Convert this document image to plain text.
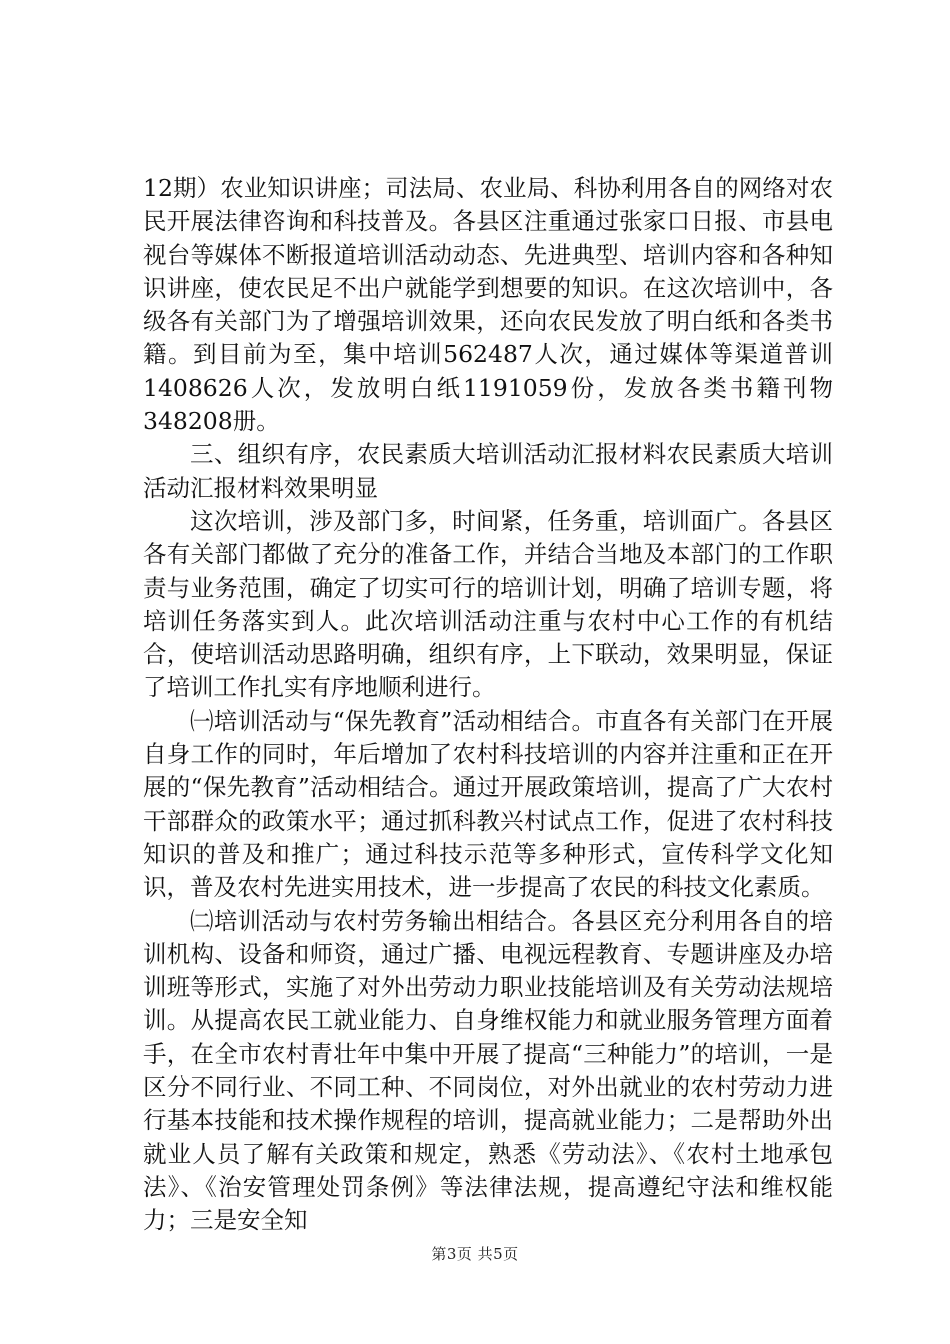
12期）农业知识讲座；司法局、农业局、科协利用各自的网络对农民开展法律咨询和科技普及。各县区注重通过张家口日报、市县电视台等媒体不断报道培训活动动态、先进典型、培训内容和各种知识讲座，使农民足不出户就能学到想要的知识。在这次培训中，各级各有关部门为了增强培训效果，还向农民发放了明白纸和各类书籍。到目前为至，集中培训562487人次，通过媒体等渠道普训1408626人次，发放明白纸1191059份，发放各类书籍刊物348208册。

三、组织有序，农民素质大培训活动汇报材料农民素质大培训活动汇报材料效果明显

这次培训，涉及部门多，时间紧，任务重，培训面广。各县区各有关部门都做了充分的准备工作，并结合当地及本部门的工作职责与业务范围，确定了切实可行的培训计划，明确了培训专题，将培训任务落实到人。此次培训活动注重与农村中心工作的有机结合，使培训活动思路明确，组织有序，上下联动，效果明显，保证了培训工作扎实有序地顺利进行。

㈠培训活动与“保先教育”活动相结合。市直各有关部门在开展自身工作的同时，年后增加了农村科技培训的内容并注重和正在开展的“保先教育”活动相结合。通过开展政策培训，提高了广大农村干部群众的政策水平；通过抓科教兴村试点工作，促进了农村科技知识的普及和推广；通过科技示范等多种形式，宣传科学文化知识，普及农村先进实用技术，进一步提高了农民的科技文化素质。

㈡培训活动与农村劳务输出相结合。各县区充分利用各自的培训机构、设备和师资，通过广播、电视远程教育、专题讲座及办培训班等形式，实施了对外出劳动力职业技能培训及有关劳动法规培训。从提高农民工就业能力、自身维权能力和就业服务管理方面着手，在全市农村青壮年中集中开展了提高“三种能力”的培训，一是区分不同行业、不同工种、不同岗位，对外出就业的农村劳动力进行基本技能和技术操作规程的培训，提高就业能力；二是帮助外出就业人员了解有关政策和规定，熟悉《劳动法》、《农村土地承包法》、《治安管理处罚条例》等法律法规，提高遵纪守法和维权能力；三是安全知

第3页 共5页
